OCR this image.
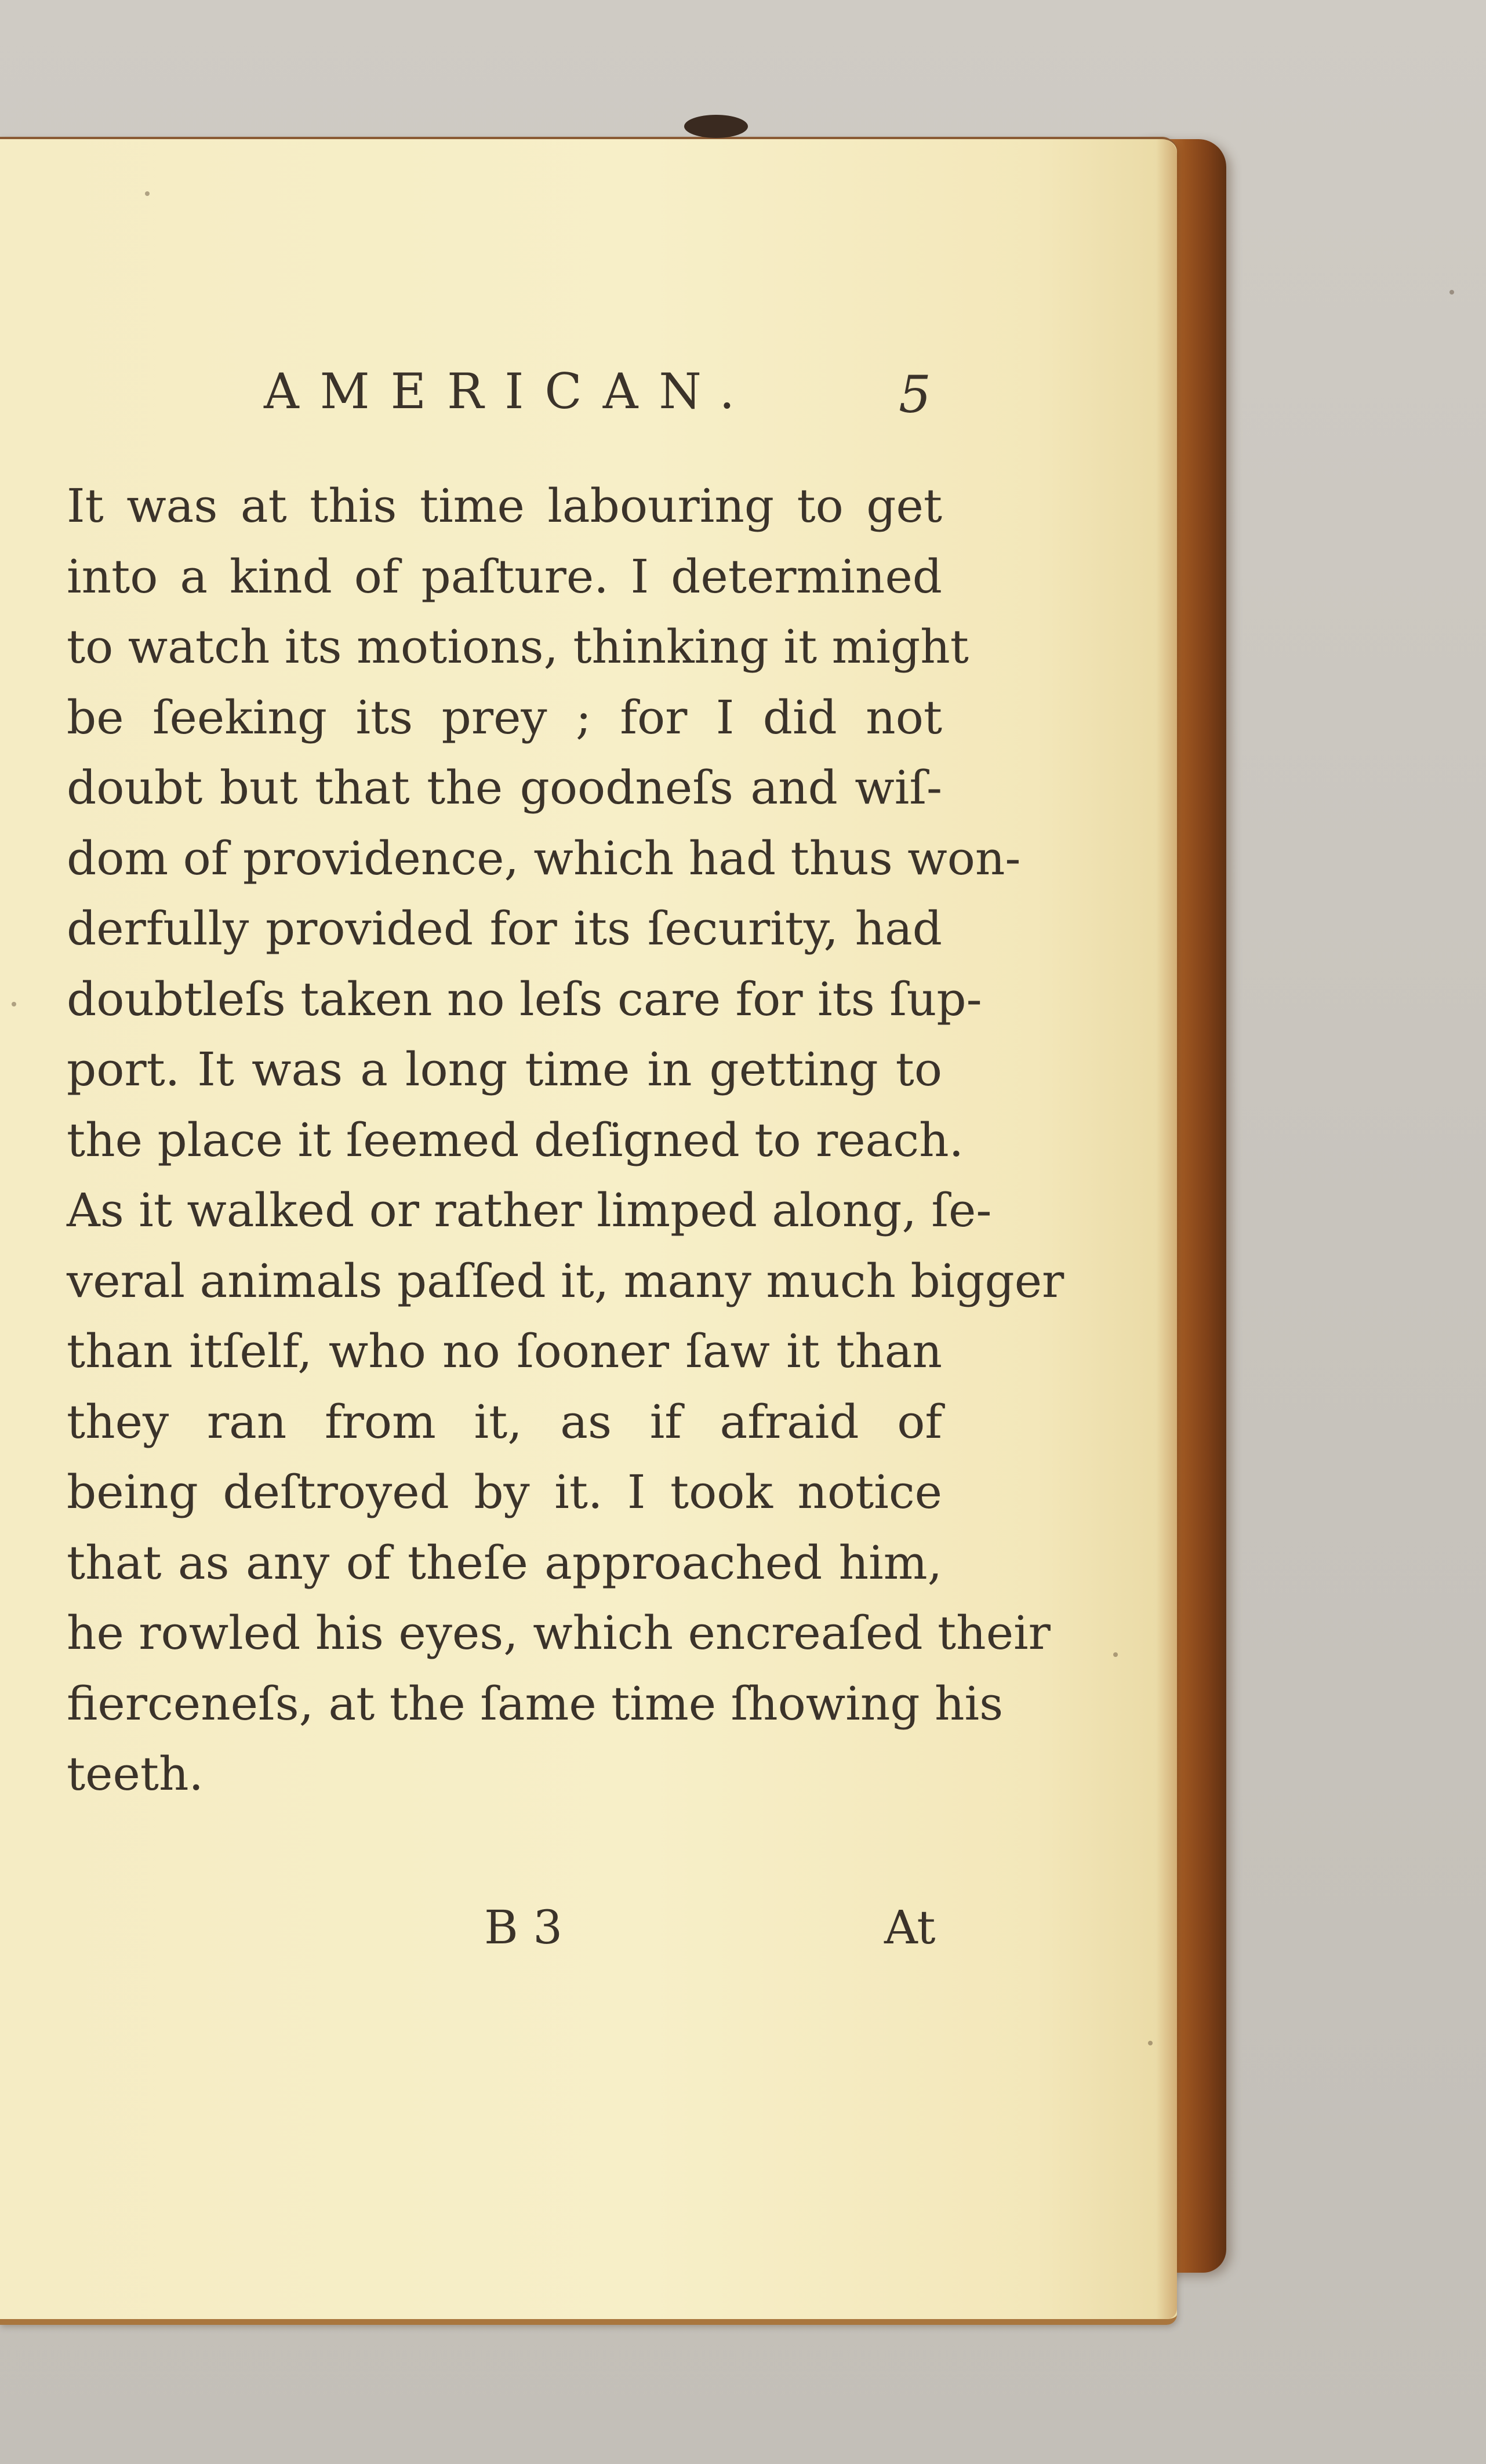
AMERICAN.	5
It was at this time labouring to get
into a kind of paſture. I determined
to watch its motions, thinking it might
be ſeeking its prey ; for I did not
doubt but that the goodneſs and wiſ-
dom of providence, which had thus won-
derfully provided for its ſecurity, had
doubtleſs taken no leſs care for its ſup-
port. It was a long time in getting to
the place it ſeemed deſigned to reach.
As it walked or rather limped along, ſe-
veral animals paſſed it, many much bigger
than itſelf, who no ſooner ſaw it than
they ran from it, as if afraid of
being deſtroyed by it. I took notice
that as any of theſe approached him,
he rowled his eyes, which encreaſed their
fierceneſs, at the ſame time ſhowing his
teeth.
B 3	At
